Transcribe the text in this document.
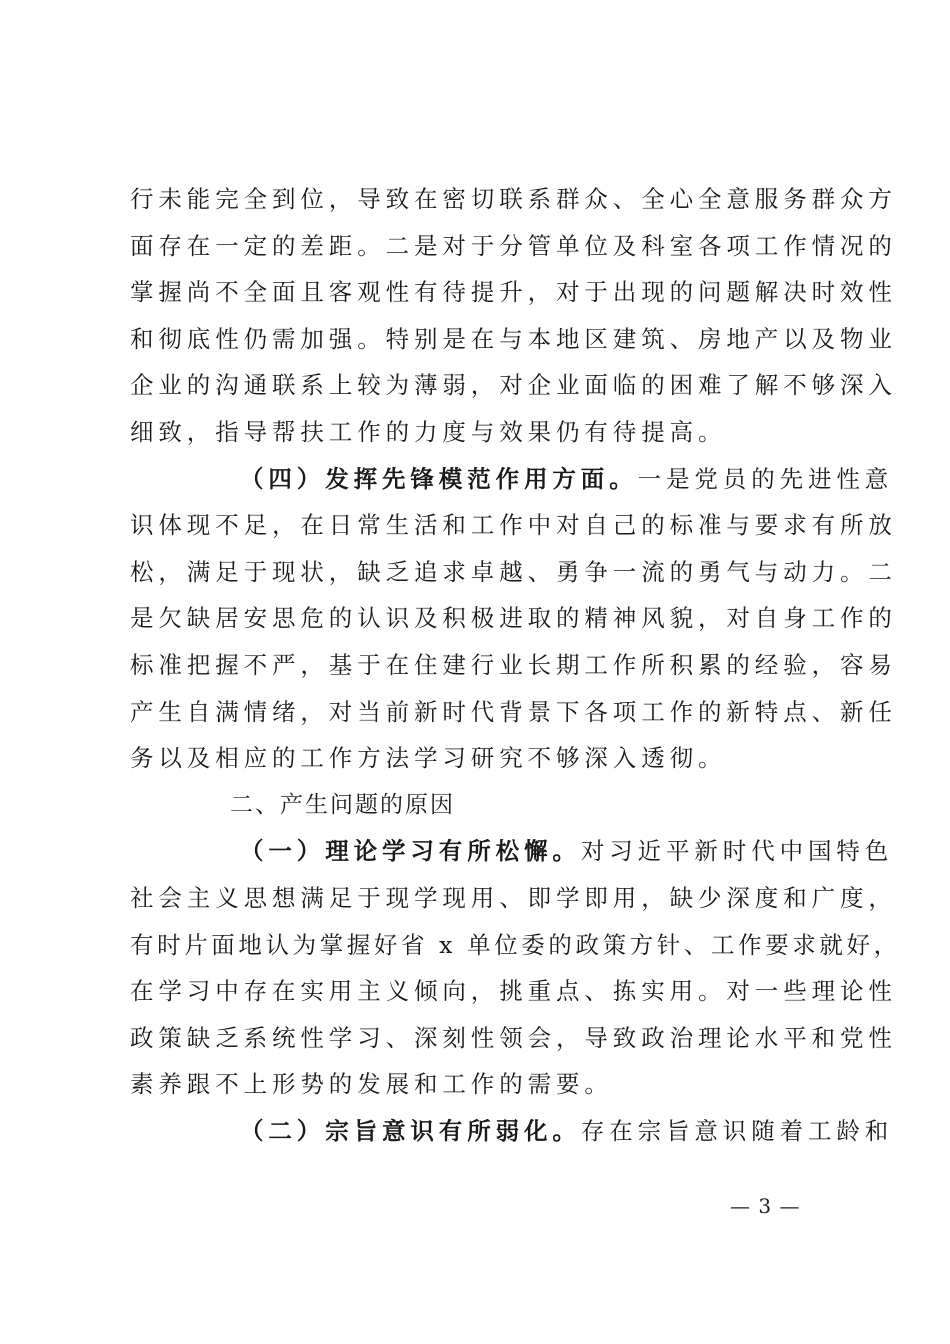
行未能完全到位，导致在密切联系群众、全心全意服务群众方
面存在一定的差距。二是对于分管单位及科室各项工作情况的
掌握尚不全面且客观性有待提升，对于出现的问题解决时效性
和彻底性仍需加强。特别是在与本地区建筑、房地产以及物业
企业的沟通联系上较为薄弱，对企业面临的困难了解不够深入
细致，指导帮扶工作的力度与效果仍有待提高。
（四）发挥先锋模范作用方面。一是党员的先进性意
识体现不足，在日常生活和工作中对自己的标准与要求有所放
松，满足于现状，缺乏追求卓越、勇争一流的勇气与动力。二
是欠缺居安思危的认识及积极进取的精神风貌，对自身工作的
标准把握不严，基于在住建行业长期工作所积累的经验，容易
产生自满情绪，对当前新时代背景下各项工作的新特点、新任
务以及相应的工作方法学习研究不够深入透彻。
二、产生问题的原因
（一）理论学习有所松懈。对习近平新时代中国特色
社会主义思想满足于现学现用、即学即用，缺少深度和广度，
有时片面地认为掌握好省 x 单位委的政策方针、工作要求就好，
在学习中存在实用主义倾向，挑重点、拣实用。对一些理论性
政策缺乏系统性学习、深刻性领会，导致政治理论水平和党性
素养跟不上形势的发展和工作的需要。
（二）宗旨意识有所弱化。存在宗旨意识随着工龄和
— 3 —
